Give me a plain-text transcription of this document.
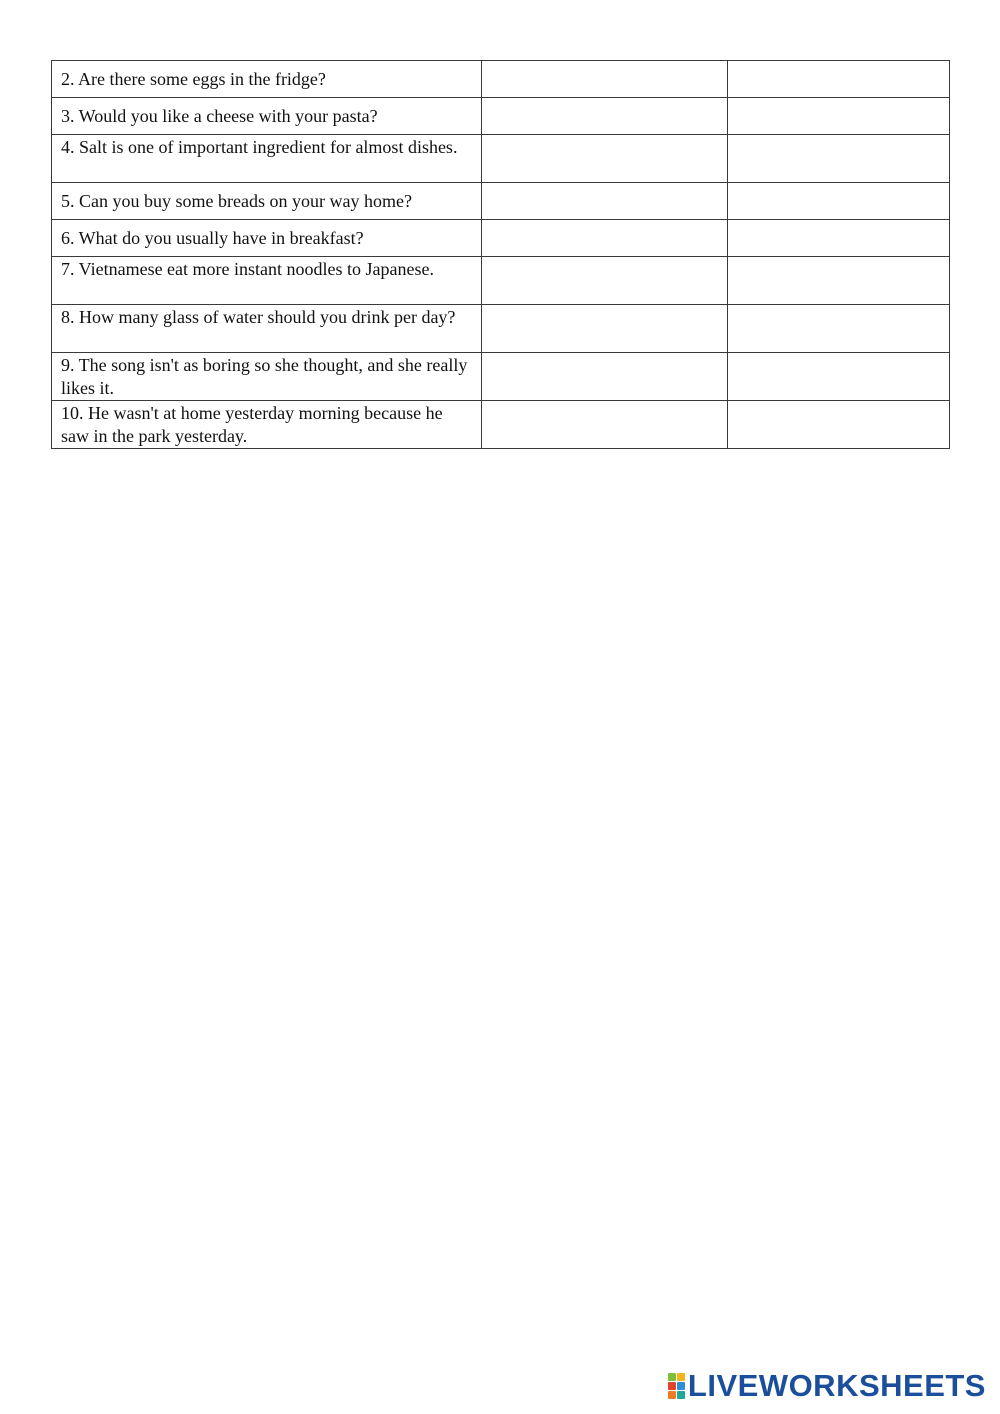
2. Are there some eggs in the fridge?		
3. Would you like a cheese with your pasta?		
4. Salt is one of important ingredient for almost dishes.		
5. Can you buy some breads on your way home?		
6. What do you usually have in breakfast?		
7. Vietnamese eat more instant noodles to Japanese.		
8. How many glass of water should you drink per day?		
9. The song isn't as boring so she thought, and she really likes it.		
10. He wasn't at home yesterday morning because he saw in the park yesterday.		
LIVEWORKSHEETS
